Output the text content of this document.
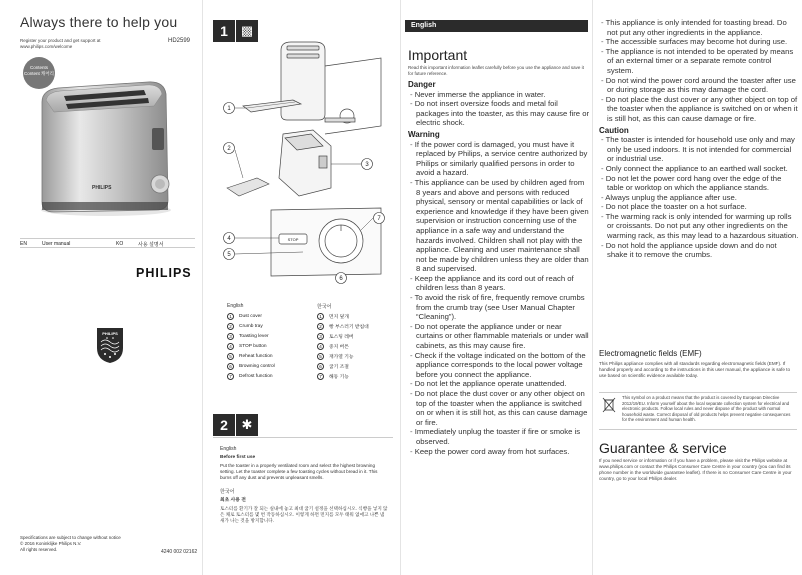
Always there to help you
Register your product and get support at www.philips.com/welcome
HD2599
PHILIPS
Contents Content 캐어리
EN	User manual	KO	사용 설명서
PHILIPS
PHILIPS
Specifications are subject to change without notice
© 2016 Koninklijke Philips N.V.
All rights reserved.	4240 002 02162
1 ▩
STOP
1
2
3
4
5
6
7
English	한국어
1 Dust cover
2 Crumb tray
3 Toasting lever
4 STOP button
5 Reheat function
6 Browning control
7 Defrost function
1 먼지 덮개
2 빵 부스러기 받침대
3 토스팅 레버
4 중지 버튼
5 재가열 기능
6 굽기 조절
7 해동 기능
2	✱
English
Before first use
Put the toaster in a properly ventilated room and select the highest browning setting. Let the toaster complete a few toasting cycles without bread in it. This burns off any dust and prevents unpleasant smells.
한국어
최초 사용 전
토스터를 환기가 잘 되는 실내에 놓고 최대 굽기 설정을 선택하십시오. 식빵을 넣지 않은 채로 토스터를 몇 번 작동하십시오. 이렇게 하면 먼지를 모두 태워 없애고 나쁜 냄새가 나는 것을 방지합니다.
English
Important
Read this important information leaflet carefully before you use the appliance and save it for future reference.
Danger
- Never immerse the appliance in water.
- Do not insert oversize foods and metal foil packages into the toaster, as this may cause fire or electric shock.
Warning
- If the power cord is damaged, you must have it replaced by Philips, a service centre authorized by Philips or similarly qualified persons in order to avoid a hazard.
- This appliance can be used by children aged from 8 years and above and persons with reduced physical, sensory or mental capabilities or lack of experience and knowledge if they have been given supervision or instruction concerning use of the appliance in a safe way and understand the hazards involved. Children shall not play with the appliance. Cleaning and user maintenance shall not be made by children unless they are older than 8 and supervised.
- Keep the appliance and its cord out of reach of children less than 8 years.
- To avoid the risk of fire, frequently remove crumbs from the crumb tray (see User Manual Chapter “Cleaning”).
- Do not operate the appliance under or near curtains or other flammable materials or under wall cabinets, as this may cause fire.
- Check if the voltage indicated on the bottom of the appliance corresponds to the local power voltage before you connect the appliance.
- Do not let the appliance operate unattended.
- Do not place the dust cover or any other object on top of the toaster when the appliance is switched on or when it is still hot, as this can cause damage or fire.
- Immediately unplug the toaster if fire or smoke is observed.
- Keep the power cord away from hot surfaces.
- This appliance is only intended for toasting bread. Do not put any other ingredients in the appliance.
- The accessible surfaces may become hot during use.
- The appliance is not intended to be operated by means of an external timer or a separate remote control system.
- Do not wind the power cord around the toaster after use or during storage as this may damage the cord.
- Do not place the dust cover or any other object on top of the toaster when the appliance is switched on or when it is still hot, as this can cause damage or fire.
Caution
- The toaster is intended for household use only and may only be used indoors. It is not intended for commercial or industrial use.
- Only connect the appliance to an earthed wall socket.
- Do not let the power cord hang over the edge of the table or worktop on which the appliance stands.
- Always unplug the appliance after use.
- Do not place the toaster on a hot surface.
- The warming rack is only intended for warming up rolls or croissants. Do not put any other ingredients on the warming rack, as this may lead to a hazardous situation.
- Do not hold the appliance upside down and do not shake it to remove the crumbs.
Electromagnetic fields (EMF)
This Philips appliance complies with all standards regarding electromagnetic fields (EMF). If handled properly and according to the instructions in this user manual, the appliance is safe to use based on scientific evidence available today.
This symbol on a product means that the product is covered by European Directive 2012/19/EU. Inform yourself about the local separate collection system for electrical and electronic products. Follow local rules and never dispose of the product with normal household waste. Correct disposal of old products helps prevent negative consequences for the environment and human health.
Guarantee & service
If you need service or information or if you have a problem, please visit the Philips website at www.philips.com or contact the Philips Consumer Care Centre in your country (you can find its phone number in the worldwide guarantee leaflet). If there is no Consumer Care Centre in your country, go to your local Philips dealer.
